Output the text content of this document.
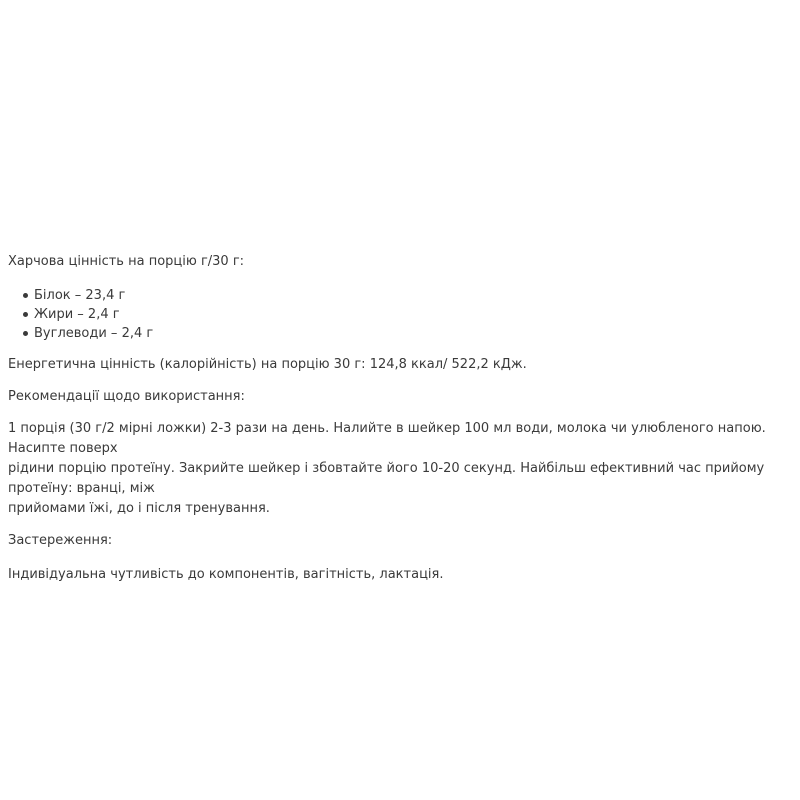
Харчова цінність на порцію г/30 г:

Білок – 23,4 г
Жири – 2,4 г
Вуглеводи – 2,4 г

Енергетична цінність (калорійність) на порцію 30 г: 124,8 ккал/ 522,2 кДж.

Рекомендації щодо використання:

1 порція (30 г/2 мірні ложки) 2-3 рази на день. Налийте в шейкер 100 мл води, молока чи улюбленого напою. Насипте поверх
рідини порцію протеїну. Закрийте шейкер і збовтайте його 10-20 секунд. Найбільш ефективний час прийому протеїну: вранці, між
прийомами їжі, до і після тренування.

Застереження:

Індивідуальна чутливість до компонентів, вагітність, лактація.
